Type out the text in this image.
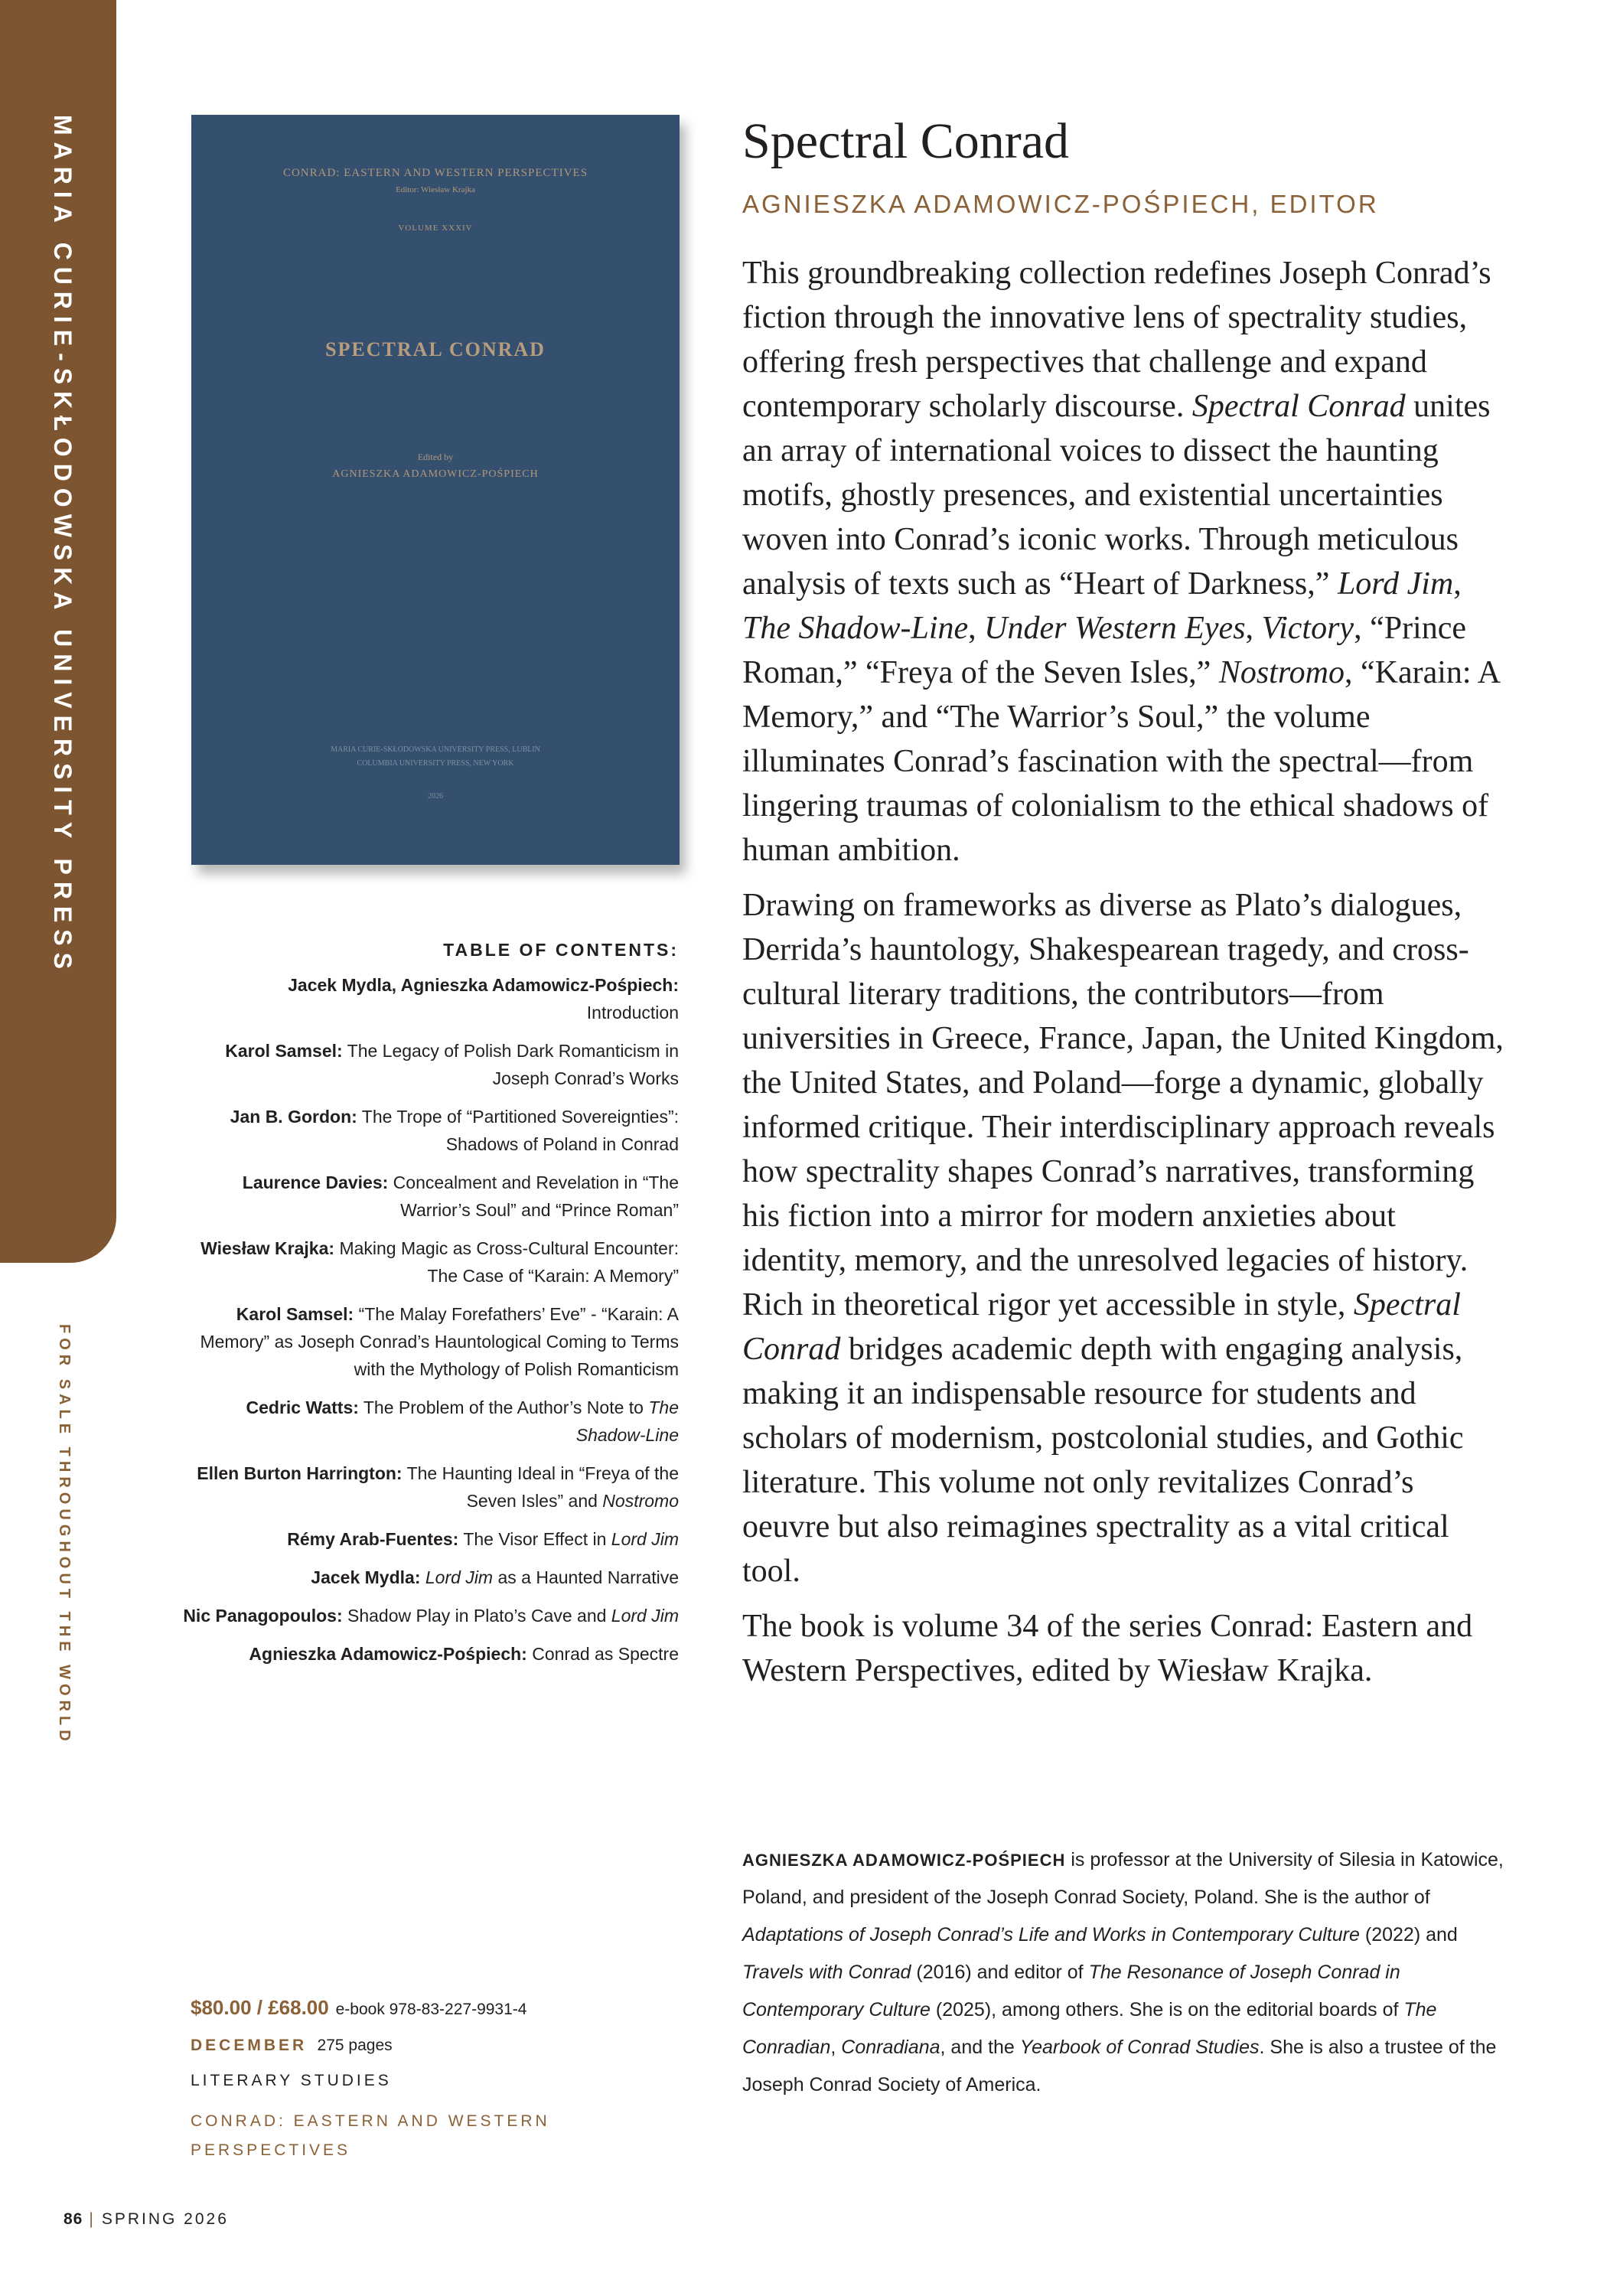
MARIA CURIE-SKŁODOWSKA UNIVERSITY PRESS
FOR SALE THROUGHOUT THE WORLD
CONRAD: EASTERN AND WESTERN PERSPECTIVES
Editor: Wiesław Krajka
VOLUME XXXIV
SPECTRAL CONRAD
Edited by
AGNIESZKA ADAMOWICZ-POŚPIECH
MARIA CURIE-SKŁODOWSKA UNIVERSITY PRESS, LUBLIN
COLUMBIA UNIVERSITY PRESS, NEW YORK
2026
TABLE OF CONTENTS:
Jacek Mydla, Agnieszka Adamowicz-Pośpiech:
Introduction
Karol Samsel: The Legacy of Polish Dark Romanticism in Joseph Conrad’s Works
Jan B. Gordon: The Trope of “Partitioned Sovereignties”: Shadows of Poland in Conrad
Laurence Davies: Concealment and Revelation in “The Warrior’s Soul” and “Prince Roman”
Wiesław Krajka: Making Magic as Cross-Cultural Encounter: The Case of “Karain: A Memory”
Karol Samsel: “The Malay Forefathers’ Eve” - “Karain: A Memory” as Joseph Conrad’s Hauntological Coming to Terms with the Mythology of Polish Romanticism
Cedric Watts: The Problem of the Author’s Note to The Shadow-Line
Ellen Burton Harrington: The Haunting Ideal in “Freya of the Seven Isles” and Nostromo
Rémy Arab-Fuentes: The Visor Effect in Lord Jim
Jacek Mydla: Lord Jim as a Haunted Narrative
Nic Panagopoulos: Shadow Play in Plato’s Cave and Lord Jim
Agnieszka Adamowicz-Pośpiech: Conrad as Spectre
$80.00 / £68.00 e-book 978-83-227-9931-4
DECEMBER 275 pages
LITERARY STUDIES
CONRAD: EASTERN AND WESTERN
PERSPECTIVES
86 | SPRING 2026
Spectral Conrad
AGNIESZKA ADAMOWICZ-POŚPIECH, EDITOR

This groundbreaking collection redefines Joseph Conrad’s fiction through the innovative lens of spectrality studies, offering fresh perspectives that challenge and expand contemporary scholarly discourse. Spectral Conrad unites an array of international voices to dissect the haunting motifs, ghostly presences, and existential uncertainties woven into Conrad’s iconic works. Through meticulous analysis of texts such as “Heart of Darkness,” Lord Jim, The Shadow-Line, Under Western Eyes, Victory, “Prince Roman,” “Freya of the Seven Isles,” Nostromo, “Karain: A Memory,” and “The Warrior’s Soul,” the volume illuminates Conrad’s fascination with the spectral—from lingering traumas of colonialism to the ethical shadows of human ambition.

Drawing on frameworks as diverse as Plato’s dialogues, Derrida’s hauntology, Shakespearean tragedy, and cross-cultural literary traditions, the contributors—from universities in Greece, France, Japan, the United Kingdom, the United States, and Poland—forge a dynamic, globally informed critique. Their interdisciplinary approach reveals how spectrality shapes Conrad’s narratives, transforming his fiction into a mirror for modern anxieties about identity, memory, and the unresolved legacies of history. Rich in theoretical rigor yet accessible in style, Spectral Conrad bridges academic depth with engaging analysis, making it an indispensable resource for students and scholars of modernism, postcolonial studies, and Gothic literature. This volume not only revitalizes Conrad’s oeuvre but also reimagines spectrality as a vital critical tool.

The book is volume 34 of the series Conrad: Eastern and Western Perspectives, edited by Wiesław Krajka.

AGNIESZKA ADAMOWICZ-POŚPIECH is professor at the University of Silesia in Katowice, Poland, and president of the Joseph Conrad Society, Poland. She is the author of Adaptations of Joseph Conrad’s Life and Works in Contemporary Culture (2022) and Travels with Conrad (2016) and editor of The Resonance of Joseph Conrad in Contemporary Culture (2025), among others. She is on the editorial boards of The Conradian, Conradiana, and the Yearbook of Conrad Studies. She is also a trustee of the Joseph Conrad Society of America.
